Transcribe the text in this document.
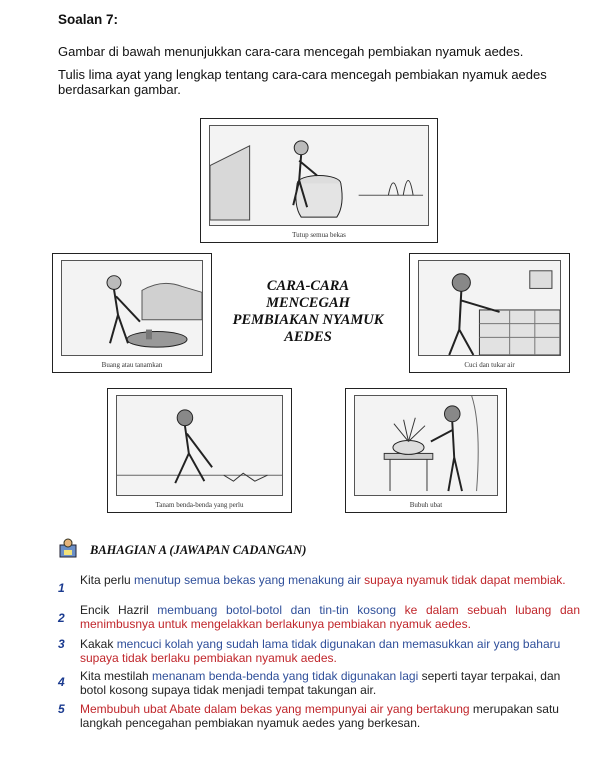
Soalan 7:
Gambar di bawah menunjukkan cara-cara mencegah pembiakan nyamuk aedes.
Tulis lima ayat yang lengkap tentang cara-cara mencegah pembiakan nyamuk aedes berdasarkan gambar.
Tutup semua bekas
Buang atau tanamkan
CARA-CARA
MENCEGAH
PEMBIAKAN NYAMUK
AEDES
Cuci dan tukar air
Tanam benda-benda yang perlu	Bubuh ubat
BAHAGIAN A (JAWAPAN CADANGAN)
1
Kita perlu menutup semua bekas yang menakung air supaya nyamuk tidak dapat membiak.
2
Encik Hazril membuang botol-botol dan tin-tin kosong ke dalam sebuah lubang dan menimbusnya untuk mengelakkan berlakunya pembiakan nyamuk aedes.
3 Kakak mencuci kolah yang sudah lama tidak digunakan dan memasukkan air yang baharu supaya tidak berlaku pembiakan nyamuk aedes.
4 Kita mestilah menanam benda-benda yang tidak digunakan lagi seperti tayar terpakai, dan botol kosong supaya tidak menjadi tempat takungan air.
5 Membubuh ubat Abate dalam bekas yang mempunyai air yang bertakung merupakan satu langkah pencegahan pembiakan nyamuk aedes yang berkesan.
